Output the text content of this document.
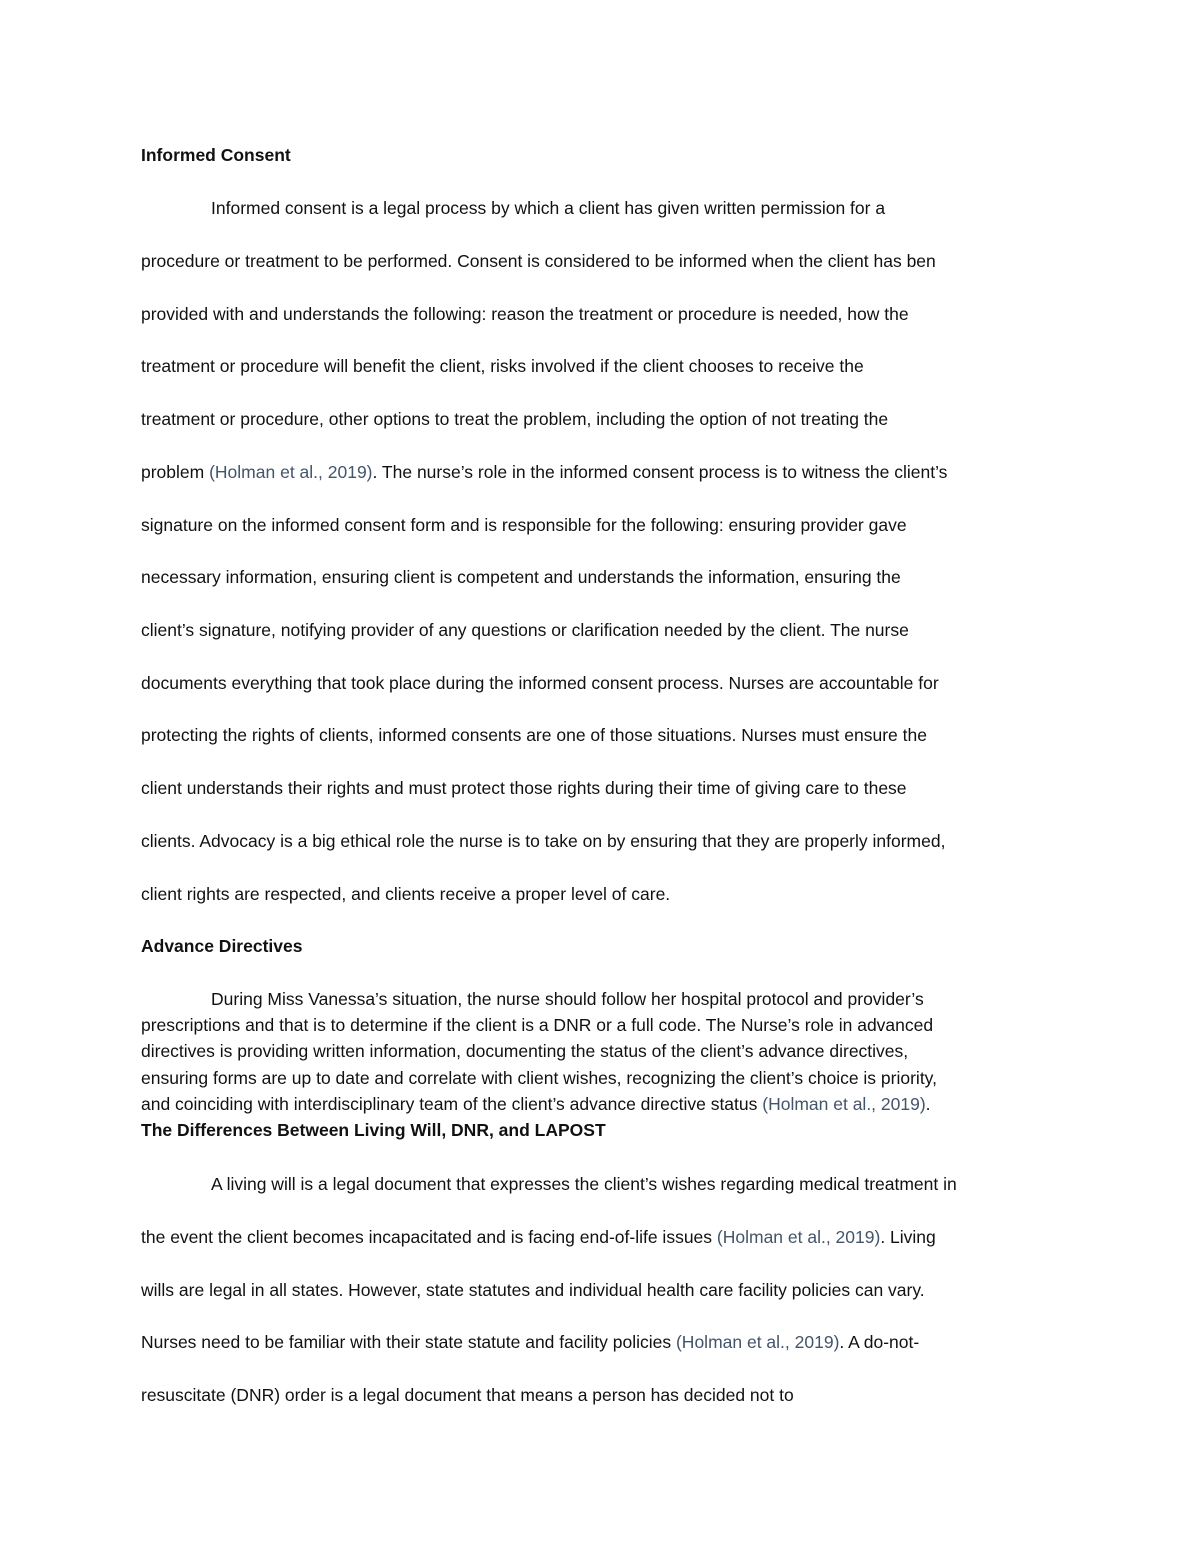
Informed Consent
Informed consent is a legal process by which a client has given written permission for a
procedure or treatment to be performed. Consent is considered to be informed when the client has ben
provided with and understands the following: reason the treatment or procedure is needed, how the
treatment or procedure will benefit the client, risks involved if the client chooses to receive the
treatment or procedure, other options to treat the problem, including the option of not treating the
problem (Holman et al., 2019). The nurse’s role in the informed consent process is to witness the client’s
signature on the informed consent form and is responsible for the following: ensuring provider gave
necessary information, ensuring client is competent and understands the information, ensuring the
client’s signature, notifying provider of any questions or clarification needed by the client. The nurse
documents everything that took place during the informed consent process. Nurses are accountable for
protecting the rights of clients, informed consents are one of those situations. Nurses must ensure the
client understands their rights and must protect those rights during their time of giving care to these
clients. Advocacy is a big ethical role the nurse is to take on by ensuring that they are properly informed,
client rights are respected, and clients receive a proper level of care.
Advance Directives
During Miss Vanessa’s situation, the nurse should follow her hospital protocol and provider’s
prescriptions and that is to determine if the client is a DNR or a full code. The Nurse’s role in advanced
directives is providing written information, documenting the status of the client’s advance directives,
ensuring forms are up to date and correlate with client wishes, recognizing the client’s choice is priority,
and coinciding with interdisciplinary team of the client’s advance directive status (Holman et al., 2019).
The Differences Between Living Will, DNR, and LAPOST
A living will is a legal document that expresses the client’s wishes regarding medical treatment in
the event the client becomes incapacitated and is facing end-of-life issues (Holman et al., 2019). Living
wills are legal in all states. However, state statutes and individual health care facility policies can vary.
Nurses need to be familiar with their state statute and facility policies (Holman et al., 2019). A do-not-
resuscitate (DNR) order is a legal document that means a person has decided not to
